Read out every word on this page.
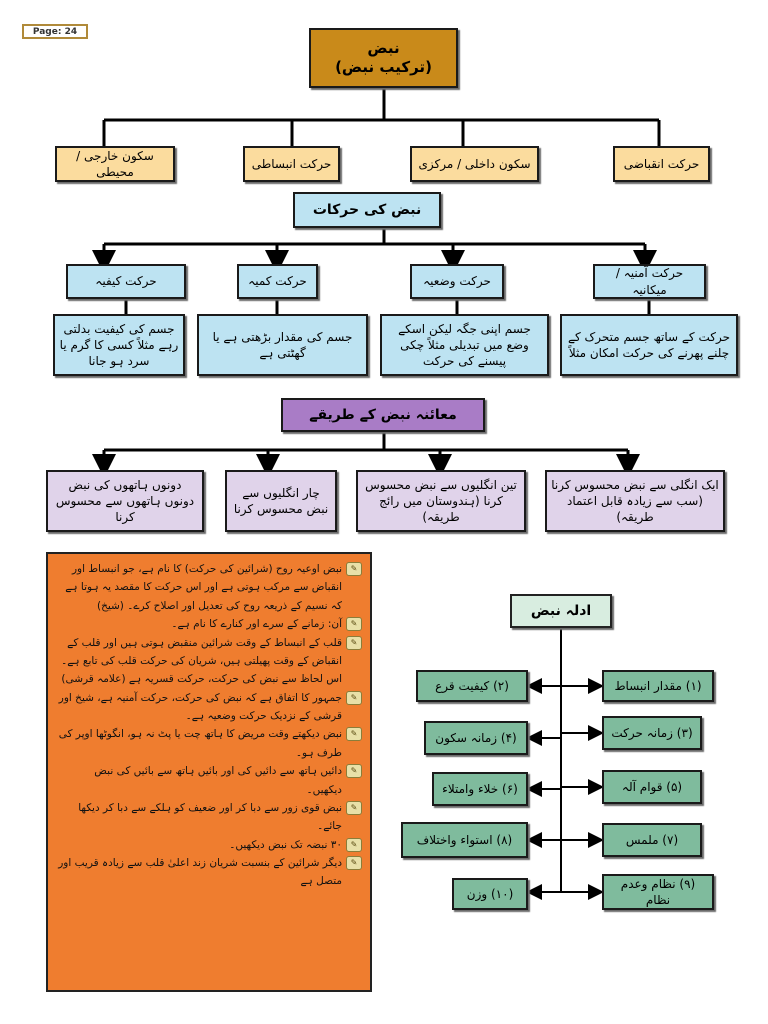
Page: 24
نبض
(ترکیب نبض)
سکون خارجی / محیطی
حرکت انبساطی	سکون داخلی / مرکزی	حرکت انقباضی
نبض کی حرکات
حرکت کیفیہ	حرکت کمیہ	حرکت وضعیہ
حرکت آمنیہ / میکانیہ
جسم کی کیفیت بدلتی رہے مثلاً کسی کا گرم یا سرد ہو جانا
جسم کی مقدار بڑھتی ہے یا گھٹتی ہے
جسم اپنی جگہ لیکن اسکے وضع میں تبدیلی مثلاً چکی پیسنے کی حرکت
حرکت کے ساتھ جسم متحرک کے چلنے پھرنے کی حرکت امکان مثلاً
معائنہ نبض کے طریقے
دونوں ہاتھوں کی نبض دونوں ہاتھوں سے محسوس کرنا
چار انگلیوں سے نبض محسوس کرنا
تین انگلیوں سے نبض محسوس کرنا (ہندوستان میں رائج طریقہ)
ایک انگلی سے نبض محسوس کرنا (سب سے زیادہ قابل اعتماد طریقہ)
✎
نبض اوعیہ روح (شرائین کی حرکت) کا نام ہے، جو انبساط اور انقباض سے مرکب ہوتی ہے اور اس حرکت کا مقصد یہ ہوتا ہے کہ نسیم کے ذریعہ روح کی تعدیل اور اصلاح کرے۔ (شیخ)
✎
آن: زمانے کے سرے اور کنارے کا نام ہے۔
✎
قلب کے انبساط کے وقت شرائین منقبض ہوتی ہیں اور قلب کے انقباض کے وقت پھیلتی ہیں، شریان کی حرکت قلب کی تابع ہے۔ اس لحاظ سے نبض کی حرکت، حرکت قسریہ ہے (علامہ قرشی)
✎
جمہور کا اتفاق ہے کہ نبض کی حرکت، حرکت آمنیہ ہے، شیخ اور قرشی کے نزدیک حرکت وضعیہ ہے۔
✎
نبض دیکھتے وقت مریض کا ہاتھ چت یا پٹ نہ ہو، انگوٹھا اوپر کی طرف ہو۔
✎
دائیں ہاتھ سے دائیں کی اور بائیں ہاتھ سے بائیں کی نبض دیکھیں۔
✎
نبض قوی زور سے دبا کر اور ضعیف کو ہلکے سے دبا کر دیکھا جائے۔
✎
۳۰ نبضہ تک نبض دیکھیں۔
✎
دیگر شرائین کے بنسبت شریان زند اعلیٰ قلب سے زیادہ قریب اور متصل ہے
ادلہ نبض
(۱) مقدار انبساط
(۳) زمانہ حرکت
(۵) قوام آلہ
(۷) ملمس
(۹) نظام وعدم نظام
(۲) کیفیت قرع
(۴) زمانہ سکون
(۶) خلاء وامتلاء
(۸) استواء واختلاف
(۱۰) وزن
